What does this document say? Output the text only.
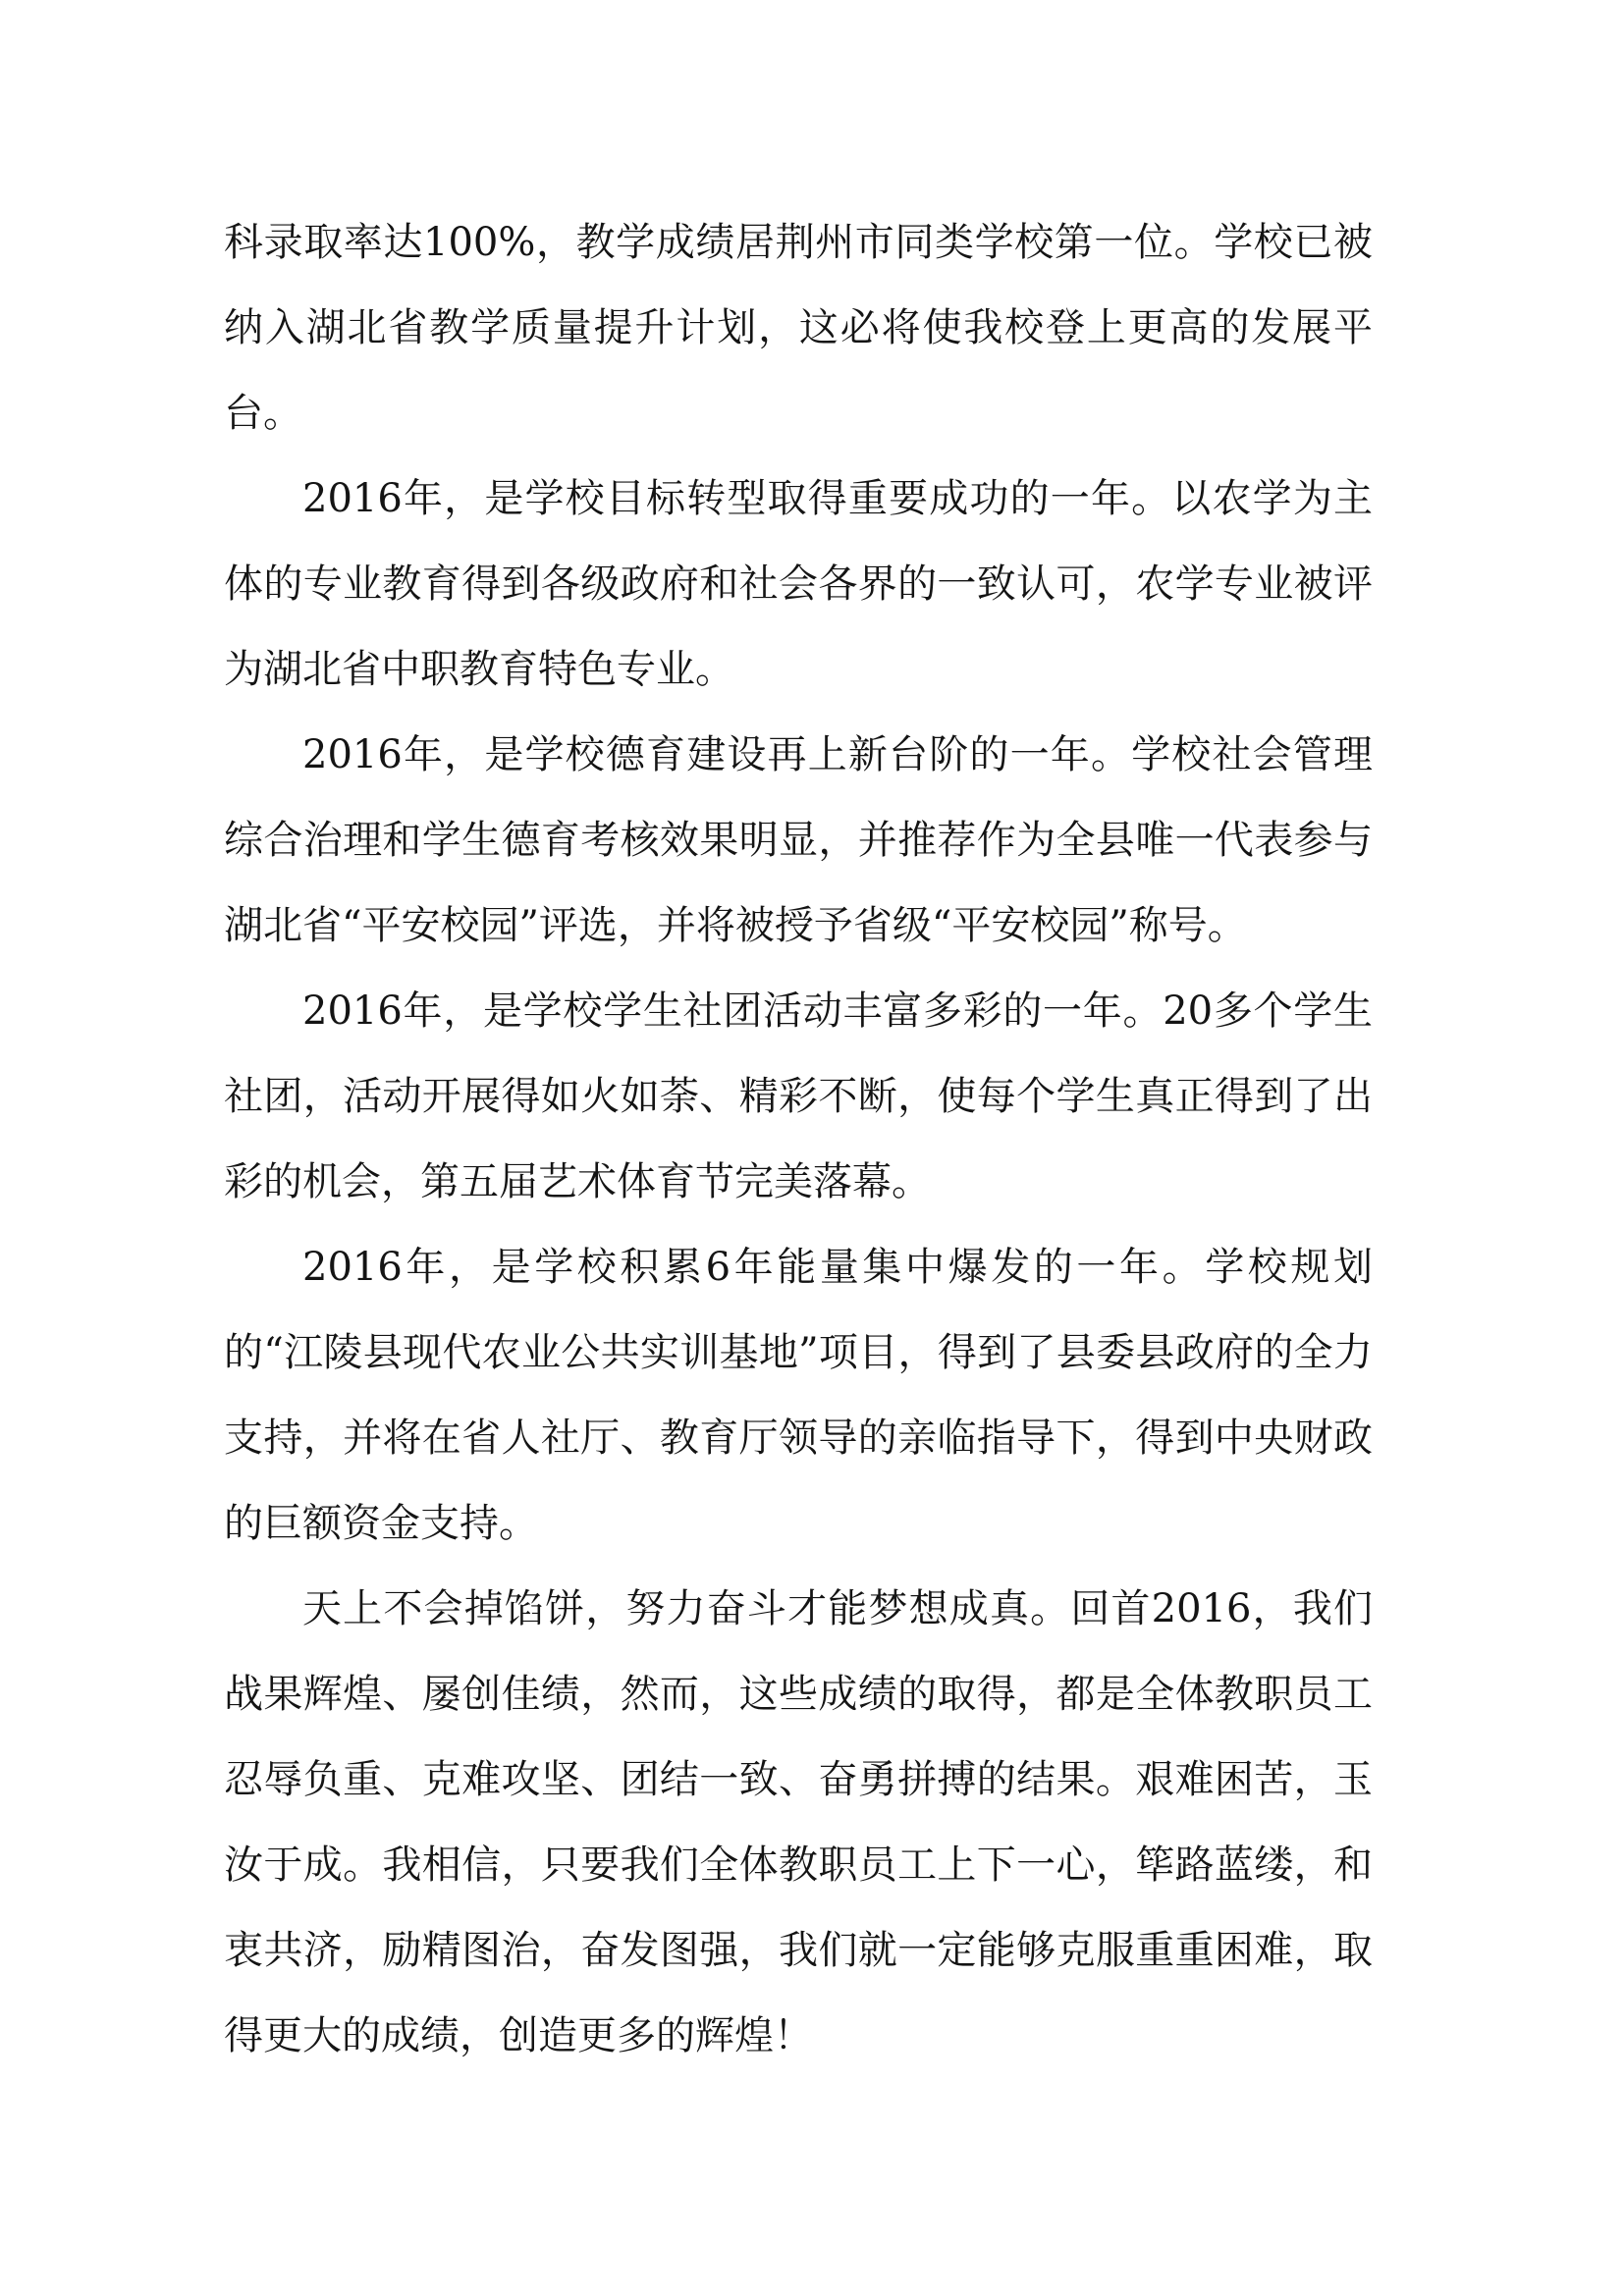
科录取率达100%，教学成绩居荆州市同类学校第一位。学校已被纳入湖北省教学质量提升计划，这必将使我校登上更高的发展平台。

2016年，是学校目标转型取得重要成功的一年。以农学为主体的专业教育得到各级政府和社会各界的一致认可，农学专业被评为湖北省中职教育特色专业。

2016年，是学校德育建设再上新台阶的一年。学校社会管理综合治理和学生德育考核效果明显，并推荐作为全县唯一代表参与湖北省“平安校园”评选，并将被授予省级“平安校园”称号。

2016年，是学校学生社团活动丰富多彩的一年。20多个学生社团，活动开展得如火如荼、精彩不断，使每个学生真正得到了出彩的机会，第五届艺术体育节完美落幕。

2016年，是学校积累6年能量集中爆发的一年。学校规划的“江陵县现代农业公共实训基地”项目，得到了县委县政府的全力支持，并将在省人社厅、教育厅领导的亲临指导下，得到中央财政的巨额资金支持。

天上不会掉馅饼，努力奋斗才能梦想成真。回首2016，我们战果辉煌、屡创佳绩，然而，这些成绩的取得，都是全体教职员工忍辱负重、克难攻坚、团结一致、奋勇拼搏的结果。艰难困苦，玉汝于成。我相信，只要我们全体教职员工上下一心，筚路蓝缕，和衷共济，励精图治，奋发图强，我们就一定能够克服重重困难，取得更大的成绩，创造更多的辉煌！
